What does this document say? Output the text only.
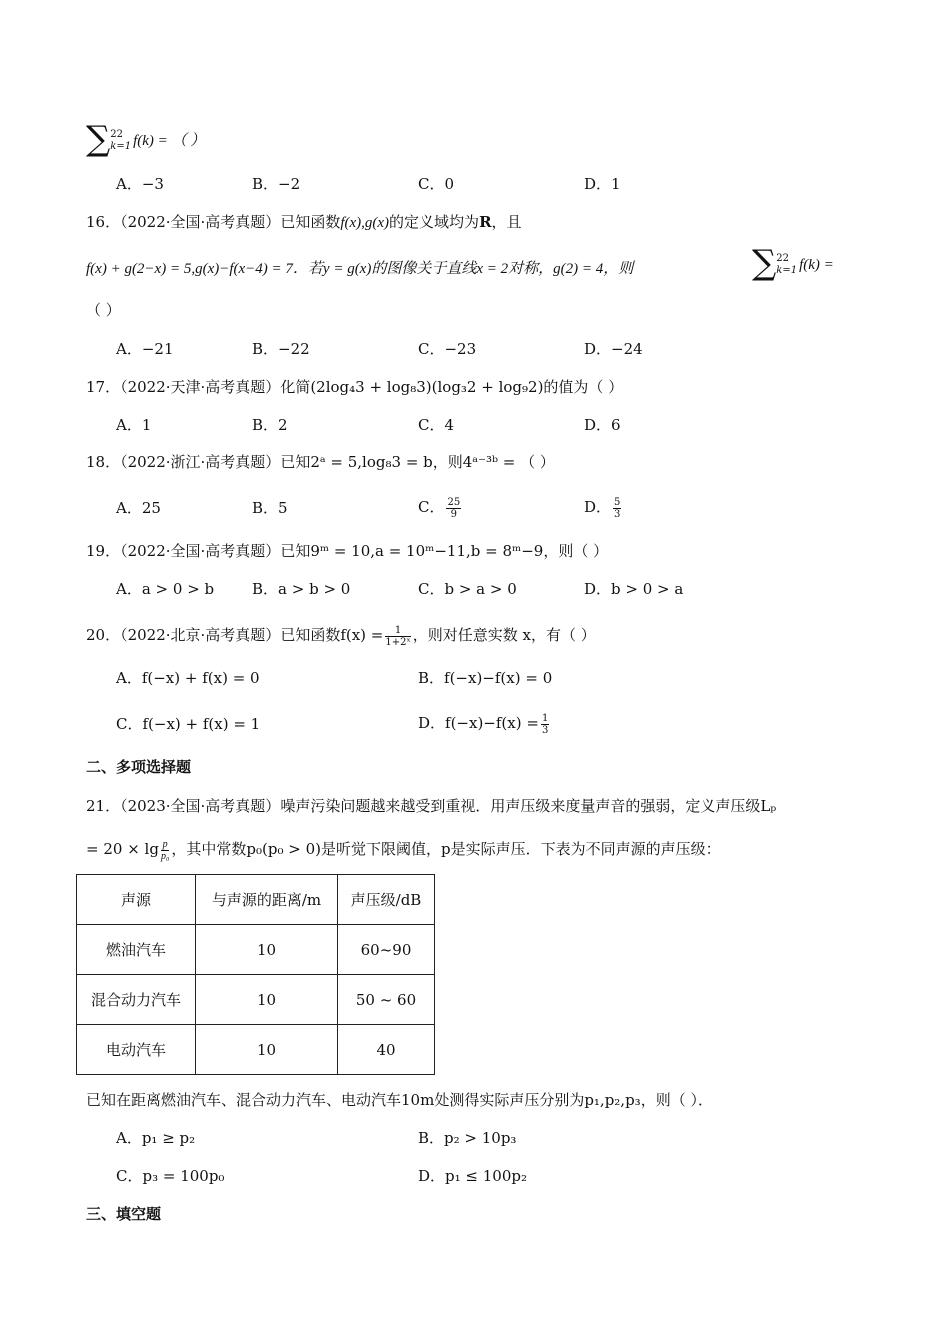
∑ 22
k=1 f(k) = （ ）
A．−3	B．−2	C．0	D．1
16．（2022·全国·高考真题）已知函数f(x),g(x)的定义域均为R，且
f(x) + g(2−x) = 5,g(x)−f(x−4) = 7．若y = g(x)的图像关于直线x = 2对称，g(2) = 4，则	∑ 22
k=1 f(k) =
（ ）
A．−21	B．−22	C．−23	D．−24
17．（2022·天津·高考真题）化简(2log₄3 + log₈3)(log₃2 + log₉2)的值为（ ）
A．1	B．2	C．4	D．6
18．（2022·浙江·高考真题）已知2ᵃ = 5,log₈3 = b，则4ᵃ⁻³ᵇ = （ ）
A．25	B．5	C． $\frac{25}{9}$	D． $\frac{5}{3}$
19．（2022·全国·高考真题）已知9ᵐ = 10,a = 10ᵐ−11,b = 8ᵐ−9，则（ ）
A．a > 0 > b	B．a > b > 0	C．b > a > 0	D．b > 0 > a
20．（2022·北京·高考真题）已知函数$f(x) = \frac{1}{\text{1+2ˣ}}$ ，则对任意实数 x，有（ ）
A．f(−x) + f(x) = 0	B．f(−x)−f(x) = 0
C．f(−x) + f(x) = 1	D．$f(-x)-f(x) = \frac{1}{3}$
二、多项选择题
21．（2023·全国·高考真题）噪声污染问题越来越受到重视．用声压级来度量声音的强弱，定义声压级Lₚ
= $20 \times \lg \frac{p}{\text{p₀}}$ ，其中常数p₀(p₀ > 0)是听觉下限阈值，p是实际声压．下表为不同声源的声压级：
声源	与声源的距离/m	声压级/dB
燃油汽车	10	60~90
混合动力汽车	10	50 ~ 60
电动汽车	10	40
已知在距离燃油汽车、混合动力汽车、电动汽车10m处测得实际声压分别为p₁,p₂,p₃，则（ ）．
A．p₁ ≥ p₂	B．p₂ > 10p₃
C．p₃ = 100p₀	D．p₁ ≤ 100p₂
三、填空题
